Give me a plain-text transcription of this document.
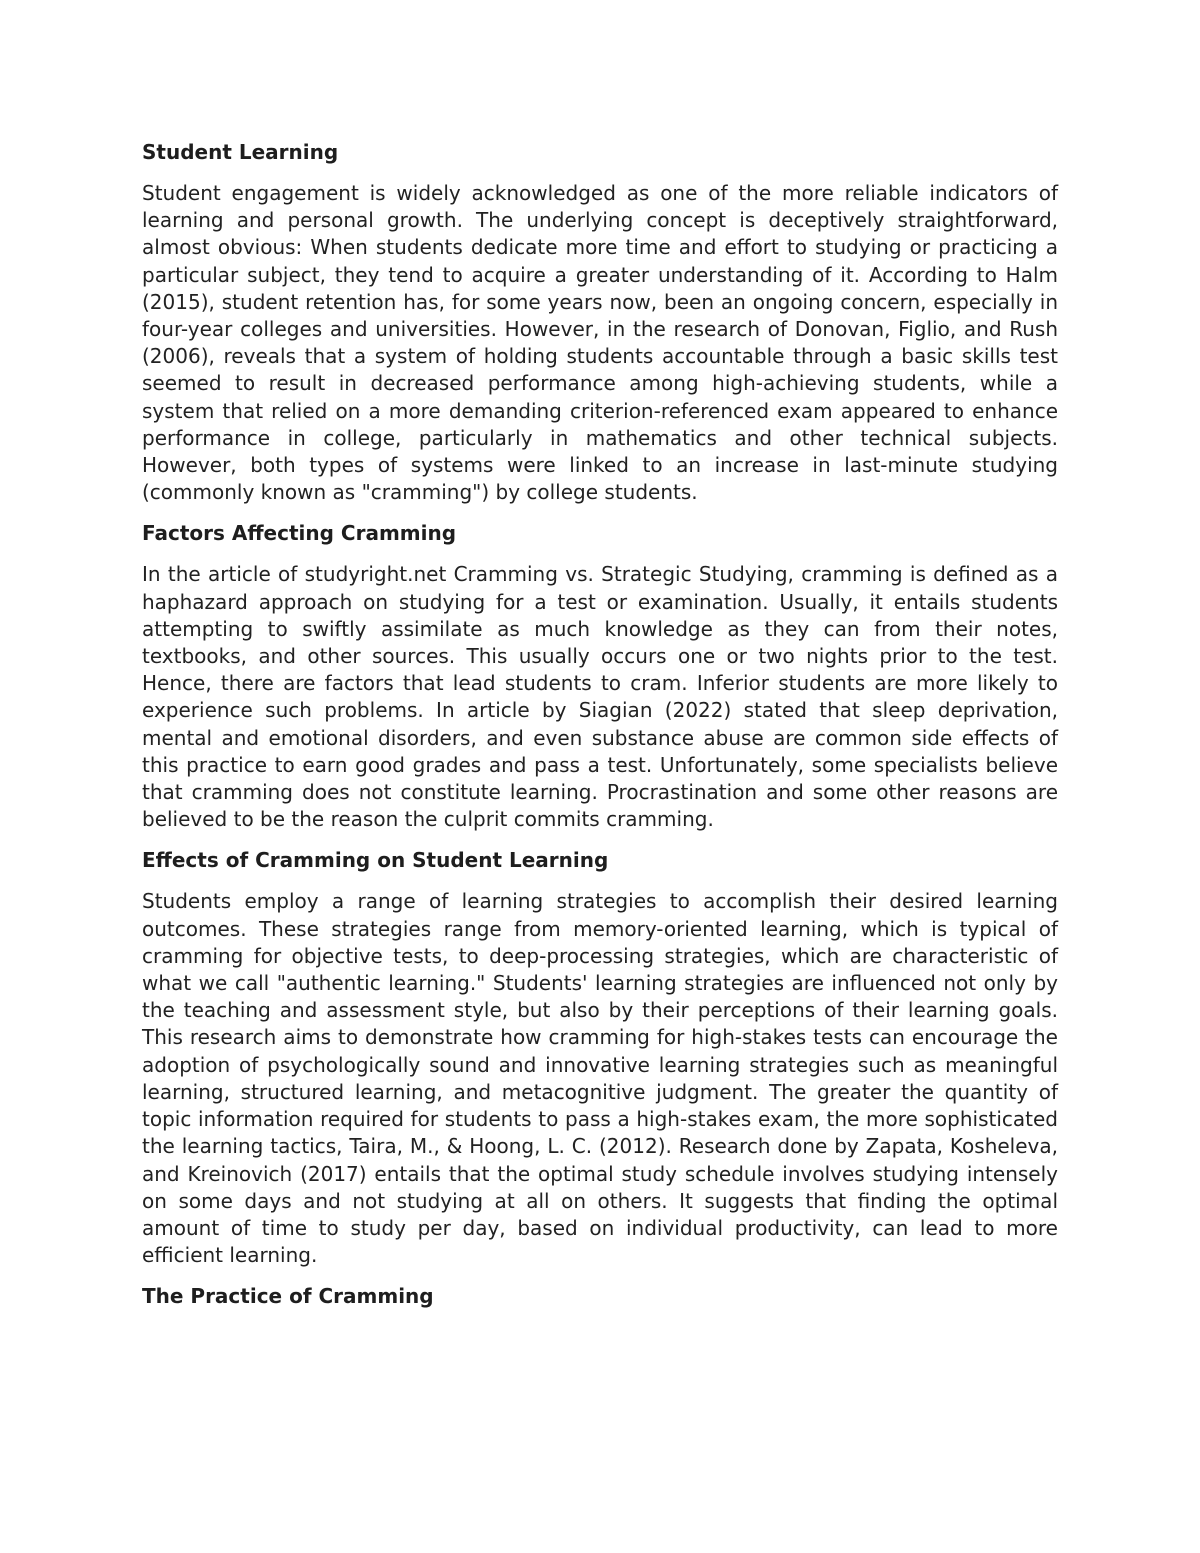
Student Learning

Student engagement is widely acknowledged as one of the more reliable indicators of learning and personal growth. The underlying concept is deceptively straightforward, almost obvious: When students dedicate more time and effort to studying or practicing a particular subject, they tend to acquire a greater understanding of it. According to Halm (2015), student retention has, for some years now, been an ongoing concern, especially in four-year colleges and universities. However, in the research of Donovan, Figlio, and Rush (2006), reveals that a system of holding students accountable through a basic skills test seemed to result in decreased performance among high-achieving students, while a system that relied on a more demanding criterion-referenced exam appeared to enhance performance in college, particularly in mathematics and other technical subjects. However, both types of systems were linked to an increase in last-minute studying (commonly known as "cramming") by college students.

Factors Affecting Cramming

In the article of studyright.net Cramming vs. Strategic Studying, cramming is defined as a haphazard approach on studying for a test or examination. Usually, it entails students attempting to swiftly assimilate as much knowledge as they can from their notes, textbooks, and other sources. This usually occurs one or two nights prior to the test. Hence, there are factors that lead students to cram. Inferior students are more likely to experience such problems. In article by Siagian (2022) stated that sleep deprivation, mental and emotional disorders, and even substance abuse are common side effects of this practice to earn good grades and pass a test. Unfortunately, some specialists believe that cramming does not constitute learning. Procrastination and some other reasons are believed to be the reason the culprit commits cramming.

Effects of Cramming on Student Learning

Students employ a range of learning strategies to accomplish their desired learning outcomes. These strategies range from memory-oriented learning, which is typical of cramming for objective tests, to deep-processing strategies, which are characteristic of what we call "authentic learning." Students' learning strategies are influenced not only by the teaching and assessment style, but also by their perceptions of their learning goals. This research aims to demonstrate how cramming for high-stakes tests can encourage the adoption of psychologically sound and innovative learning strategies such as meaningful learning, structured learning, and metacognitive judgment. The greater the quantity of topic information required for students to pass a high-stakes exam, the more sophisticated the learning tactics, Taira, M., & Hoong, L. C. (2012). Research done by Zapata, Kosheleva, and Kreinovich (2017) entails that the optimal study schedule involves studying intensely on some days and not studying at all on others. It suggests that finding the optimal amount of time to study per day, based on individual productivity, can lead to more efficient learning.

The Practice of Cramming
